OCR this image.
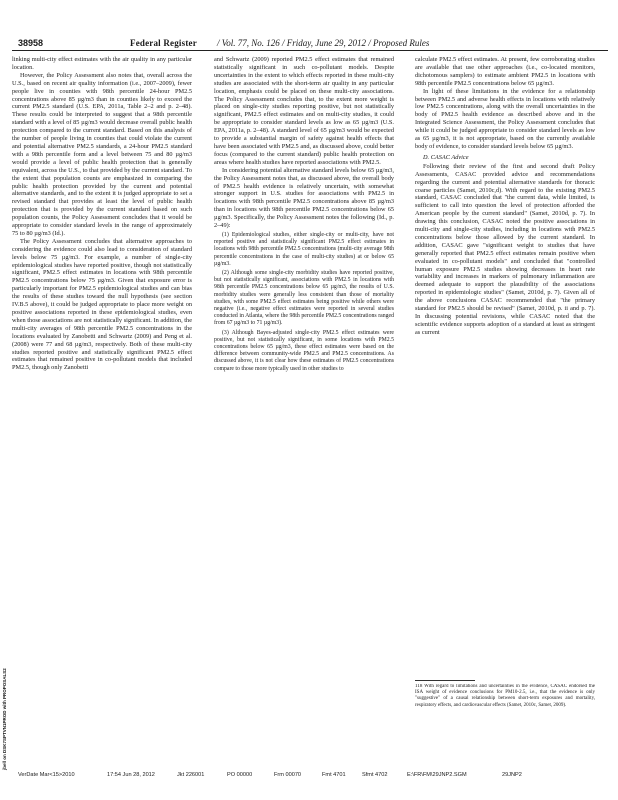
38958	Federal Register / Vol. 77, No. 126 / Friday, June 29, 2012 / Proposed Rules

linking multi-city effect estimates with the air quality in any particular location.

However, the Policy Assessment also notes that, overall across the U.S., based on recent air quality information (i.e., 2007–2009), fewer people live in counties with 98th percentile 24-hour PM2.5 concentrations above 85 µg/m3 than in counties likely to exceed the current PM2.5 standard (U.S. EPA, 2011a, Table 2–2 and p. 2–48). These results could be interpreted to suggest that a 98th percentile standard with a level of 85 µg/m3 would decrease overall public health protection compared to the current standard. Based on this analysis of the number of people living in counties that could violate the current and potential alternative PM2.5 standards, a 24-hour PM2.5 standard with a 98th percentile form and a level between 75 and 80 µg/m3 would provide a level of public health protection that is generally equivalent, across the U.S., to that provided by the current standard. To the extent that population counts are emphasized in comparing the public health protection provided by the current and potential alternative standards, and to the extent it is judged appropriate to set a revised standard that provides at least the level of public health protection that is provided by the current standard based on such population counts, the Policy Assessment concludes that it would be appropriate to consider standard levels in the range of approximately 75 to 80 µg/m3 (Id.).

The Policy Assessment concludes that alternative approaches to considering the evidence could also lead to consideration of standard levels below 75 µg/m3. For example, a number of single-city epidemiological studies have reported positive, though not statistically significant, PM2.5 effect estimates in locations with 98th percentile PM2.5 concentrations below 75 µg/m3. Given that exposure error is particularly important for PM2.5 epidemiological studies and can bias the results of these studies toward the null hypothesis (see section IV.B.5 above), it could be judged appropriate to place more weight on positive associations reported in these epidemiological studies, even when those associations are not statistically significant. In addition, the multi-city averages of 98th percentile PM2.5 concentrations in the locations evaluated by Zanobetti and Schwartz (2009) and Peng et al. (2008) were 77 and 68 µg/m3, respectively. Both of these multi-city studies reported positive and statistically significant PM2.5 effect estimates that remained positive in co-pollutant models that included PM2.5, though only Zanobetti

and Schwartz (2009) reported PM2.5 effect estimates that remained statistically significant in such co-pollutant models. Despite uncertainties in the extent to which effects reported in these multi-city studies are associated with the short-term air quality in any particular location, emphasis could be placed on these multi-city associations. The Policy Assessment concludes that, to the extent more weight is placed on single-city studies reporting positive, but not statistically significant, PM2.5 effect estimates and on multi-city studies, it could be appropriate to consider standard levels as low as 65 µg/m3 (U.S. EPA, 2011a, p. 2–48). A standard level of 65 µg/m3 would be expected to provide a substantial margin of safety against health effects that have been associated with PM2.5 and, as discussed above, could better focus (compared to the current standard) public health protection on areas where health studies have reported associations with PM2.5.

In considering potential alternative standard levels below 65 µg/m3, the Policy Assessment notes that, as discussed above, the overall body of PM2.5 health evidence is relatively uncertain, with somewhat stronger support in U.S. studies for associations with PM2.5 in locations with 98th percentile PM2.5 concentrations above 85 µg/m3 than in locations with 98th percentile PM2.5 concentrations below 65 µg/m3. Specifically, the Policy Assessment notes the following (Id., p. 2–49):

(1) Epidemiological studies, either single-city or multi-city, have not reported positive and statistically significant PM2.5 effect estimates in locations with 98th percentile PM2.5 concentrations (multi-city average 98th percentile concentrations in the case of multi-city studies) at or below 65 µg/m3.

(2) Although some single-city morbidity studies have reported positive, but not statistically significant, associations with PM2.5 in locations with 98th percentile PM2.5 concentrations below 65 µg/m3, the results of U.S. morbidity studies were generally less consistent than those of mortality studies, with some PM2.5 effect estimates being positive while others were negative (i.e., negative effect estimates were reported in several studies conducted in Atlanta, where the 98th percentile PM2.5 concentrations ranged from 67 µg/m3 to 71 µg/m3).

(3) Although Bayes-adjusted single-city PM2.5 effect estimates were positive, but not statistically significant, in some locations with PM2.5 concentrations below 65 µg/m3, these effect estimates were based on the difference between community-wide PM2.5 and PM2.5 concentrations. As discussed above, it is not clear how these estimates of PM2.5 concentrations compare to those more typically used in other studies to

calculate PM2.5 effect estimates. At present, few corroborating studies are available that use other approaches (i.e., co-located monitors, dichotomous samplers) to estimate ambient PM2.5 in locations with 98th percentile PM2.5 concentrations below 65 µg/m3.

In light of these limitations in the evidence for a relationship between PM2.5 and adverse health effects in locations with relatively low PM2.5 concentrations, along with the overall uncertainties in the body of PM2.5 health evidence as described above and in the Integrated Science Assessment, the Policy Assessment concludes that while it could be judged appropriate to consider standard levels as low as 65 µg/m3, it is not appropriate, based on the currently available body of evidence, to consider standard levels below 65 µg/m3.

D. CASAC Advice

Following their review of the first and second draft Policy Assessments, CASAC provided advice and recommendations regarding the current and potential alternative standards for thoracic coarse particles (Samet, 2010c,d). With regard to the existing PM2.5 standard, CASAC concluded that "the current data, while limited, is sufficient to call into question the level of protection afforded the American people by the current standard" (Samet, 2010d, p. 7). In drawing this conclusion, CASAC noted the positive associations in multi-city and single-city studies, including in locations with PM2.5 concentrations below those allowed by the current standard. In addition, CASAC gave "significant weight to studies that have generally reported that PM2.5 effect estimates remain positive when evaluated in co-pollutant models" and concluded that "controlled human exposure PM2.5 studies showing decreases in heart rate variability and increases in markers of pulmonary inflammation are deemed adequate to support the plausibility of the associations reported in epidemiologic studies" (Samet, 2010d, p. 7). Given all of the above conclusions CASAC recommended that "the primary standard for PM2.5 should be revised" (Samet, 2010d, p. ii and p. 7). In discussing potential revisions, while CASAC noted that the scientific evidence supports adoption of a standard at least as stringent as current

118 With regard to limitations and uncertainties in the evidence, CASAC endorsed the ISA weight of evidence conclusions for PM10-2.5, i.e., that the evidence is only "suggestive" of a causal relationship between short-term exposures and mortality, respiratory effects, and cardiovascular effects (Samet, 2010c, Samet, 2009).
jbell on DSK7SPTVN1PROD with PROPOSALS2
VerDate Mar<15>2010	17:54 Jun 28, 2012	Jkt 226001	PO 00000	Frm 00070	Fmt 4701	Sfmt 4702	E:\FR\FM\29JNP2.SGM	29JNP2
